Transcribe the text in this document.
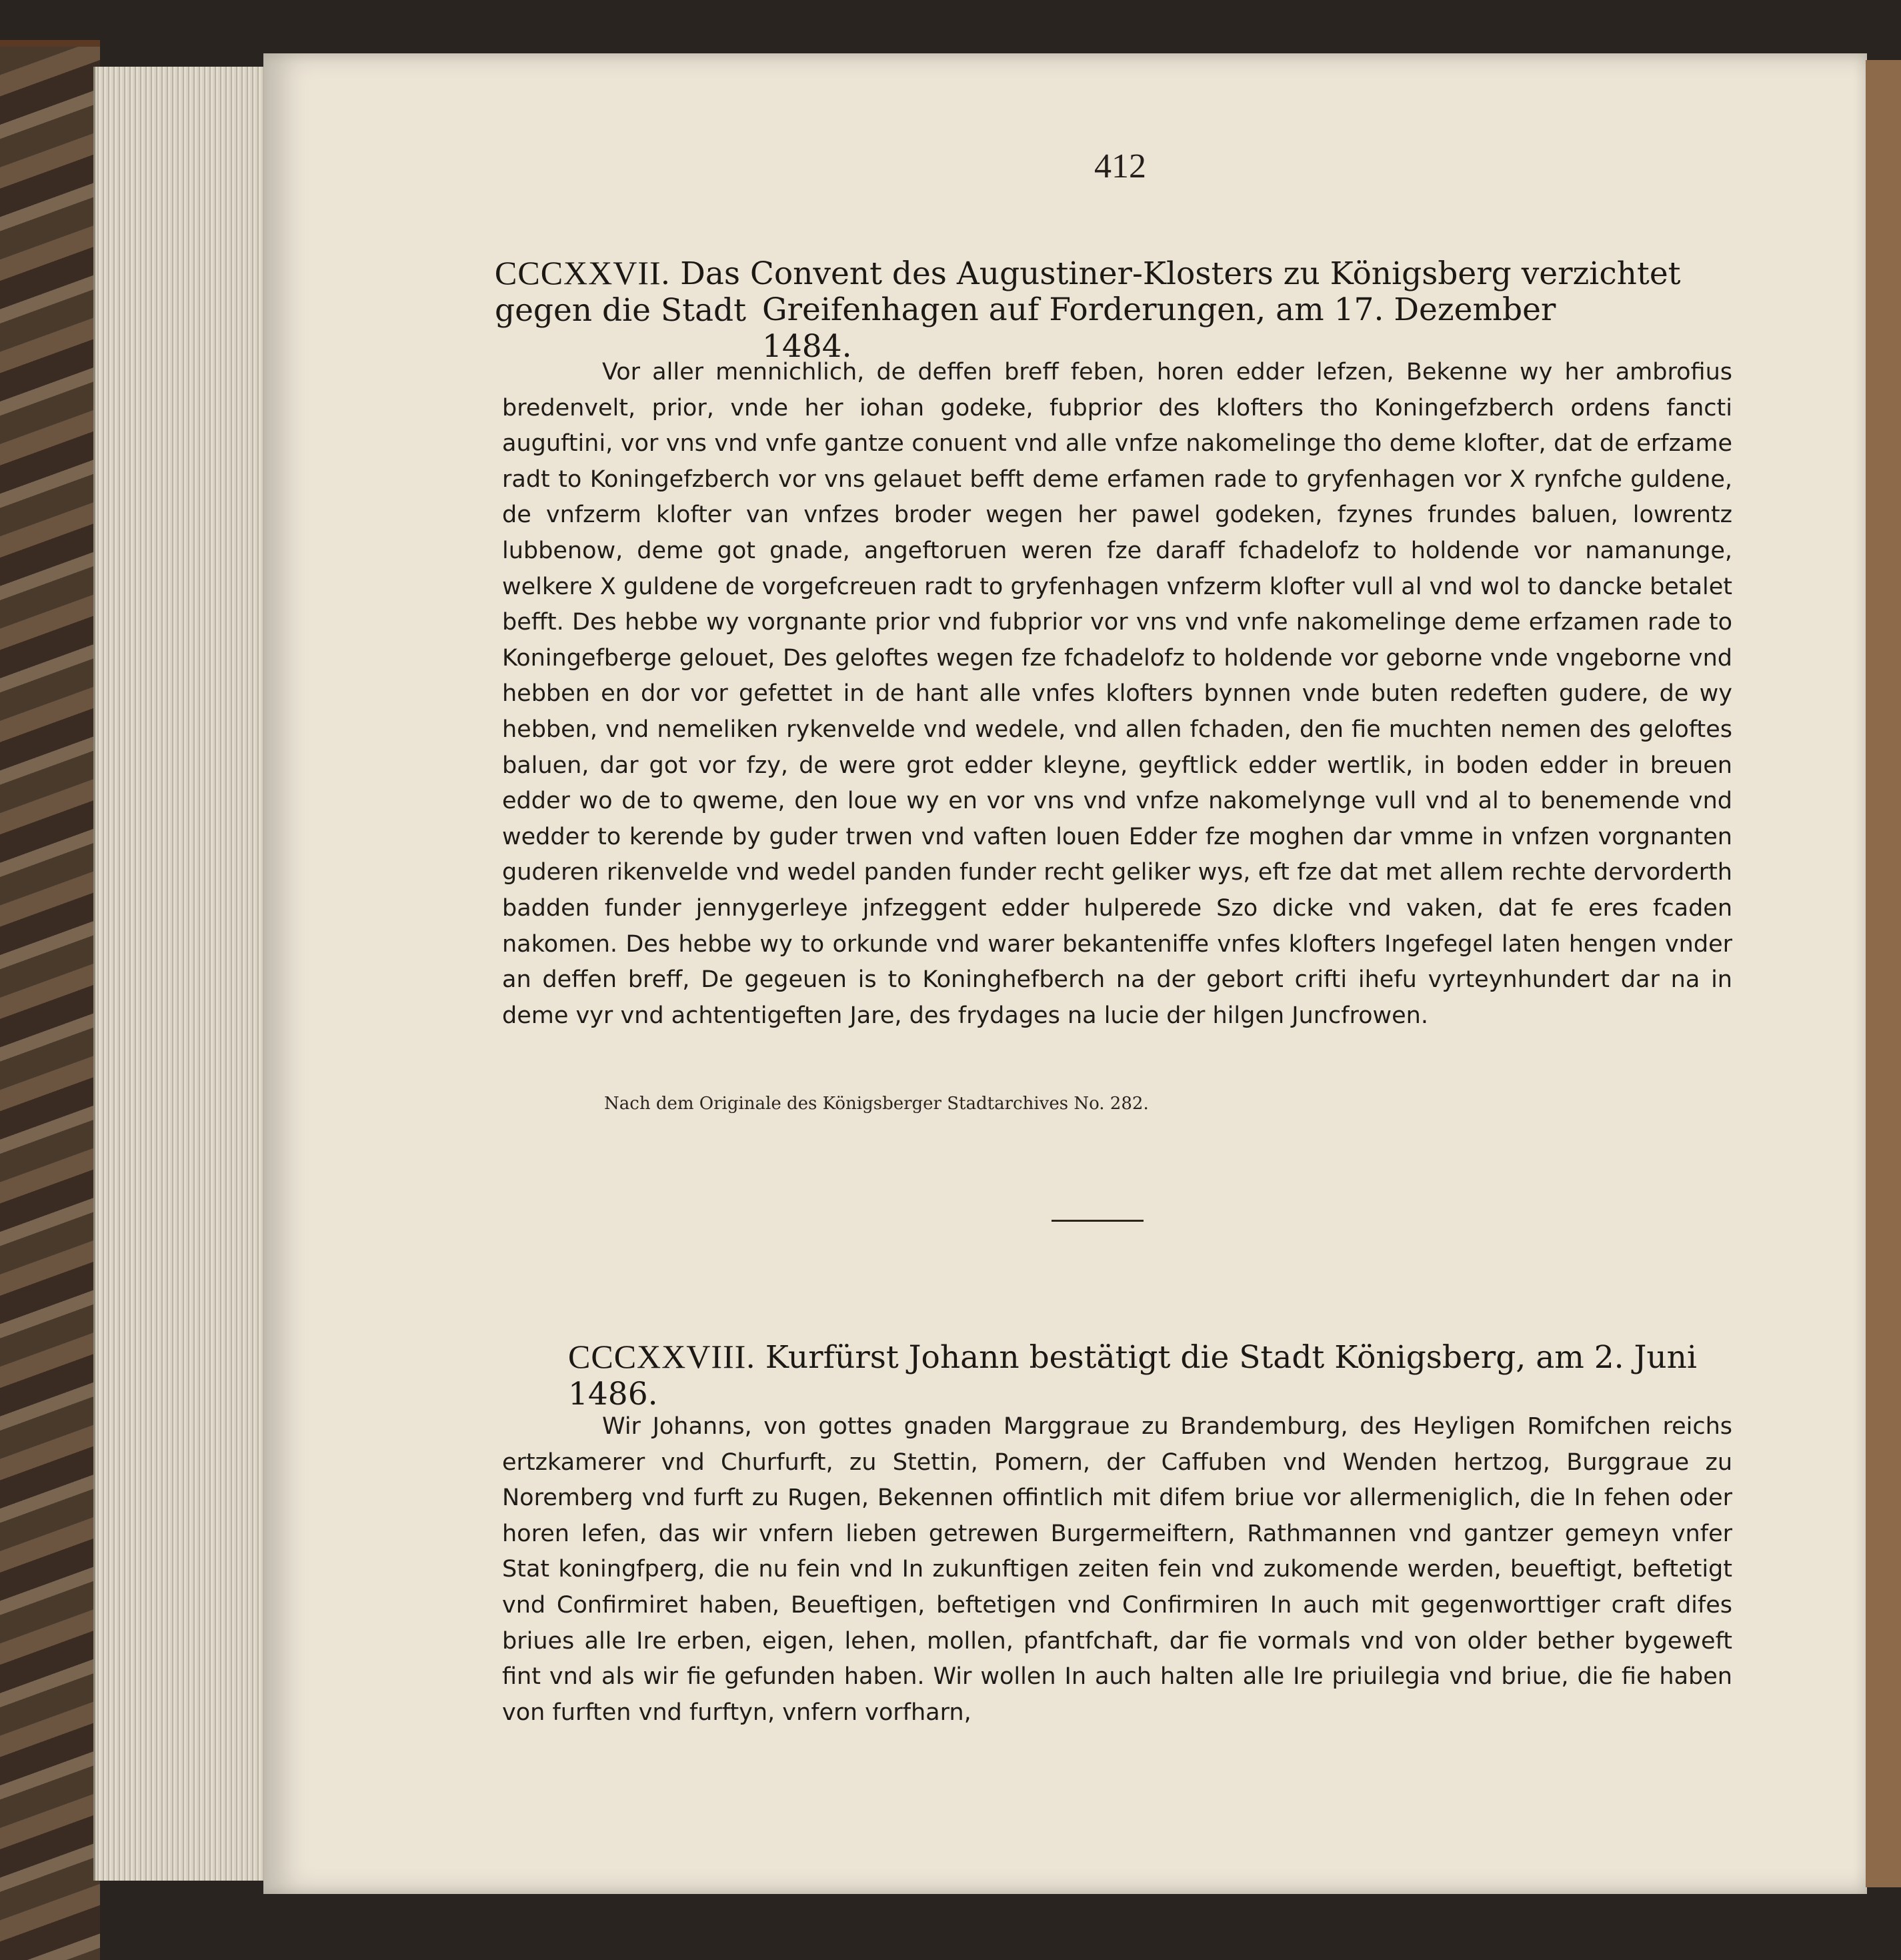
412
CCCXXVII. Das Convent des Augustiner-Klosters zu Königsberg verzichtet gegen die Stadt Greifenhagen auf Forderungen, am 17. Dezember 1484.

Vor aller mennichlich, de deffen breff feben, horen edder lefzen, Bekenne wy her ambrofius bredenvelt, prior, vnde her iohan godeke, fubprior des klofters tho Koningefzberch ordens fancti auguftini, vor vns vnd vnfe gantze conuent vnd alle vnfze nakomelinge tho deme klofter, dat de erfzame radt to Koningefzberch vor vns gelauet befft deme erfamen rade to gryfenhagen vor X rynfche guldene, de vnfzerm klofter van vnfzes broder wegen her pawel godeken, fzynes frundes baluen, lowrentz lubbenow, deme got gnade, angeftoruen weren fze daraff fchadelofz to holdende vor namanunge, welkere X guldene de vorgefcreuen radt to gryfenhagen vnfzerm klofter vull al vnd wol to dancke betalet befft. Des hebbe wy vorgnante prior vnd fubprior vor vns vnd vnfe nakomelinge deme erfzamen rade to Koningefberge gelouet, Des geloftes wegen fze fchadelofz to holdende vor geborne vnde vngeborne vnd hebben en dor vor gefettet in de hant alle vnfes klofters bynnen vnde buten redeften gudere, de wy hebben, vnd nemeliken rykenvelde vnd wedele, vnd allen fchaden, den fie muchten nemen des geloftes baluen, dar got vor fzy, de were grot edder kleyne, geyftlick edder wertlik, in boden edder in breuen edder wo de to qweme, den loue wy en vor vns vnd vnfze nakomelynge vull vnd al to benemende vnd wedder to kerende by guder trwen vnd vaften louen Edder fze moghen dar vmme in vnfzen vorgnanten guderen rikenvelde vnd wedel panden funder recht geliker wys, eft fze dat met allem rechte dervorderth badden funder jennygerleye jnfzeggent edder hulperede Szo dicke vnd vaken, dat fe eres fcaden nakomen. Des hebbe wy to orkunde vnd warer bekanteniffe vnfes klofters Ingefegel laten hengen vnder an deffen breff, De gegeuen is to Koninghefberch na der gebort crifti ihefu vyrteynhundert dar na in deme vyr vnd achtentigeften Jare, des frydages na lucie der hilgen Juncfrowen.

Nach dem Originale des Königsberger Stadtarchives No. 282.
CCCXXVIII. Kurfürst Johann bestätigt die Stadt Königsberg, am 2. Juni 1486.

Wir Johanns, von gottes gnaden Marggraue zu Brandemburg, des Heyligen Romifchen reichs ertzkamerer vnd Churfurft, zu Stettin, Pomern, der Caffuben vnd Wenden hertzog, Burggraue zu Noremberg vnd furft zu Rugen, Bekennen offintlich mit difem briue vor allermeniglich, die In fehen oder horen lefen, das wir vnfern lieben getrewen Burgermeiftern, Rathmannen vnd gantzer gemeyn vnfer Stat koningfperg, die nu fein vnd In zukunftigen zeiten fein vnd zukomende werden, beueftigt, beftetigt vnd Confirmiret haben, Beueftigen, beftetigen vnd Confirmiren In auch mit gegenworttiger craft difes briues alle Ire erben, eigen, lehen, mollen, pfantfchaft, dar fie vormals vnd von older bether bygeweft fint vnd als wir fie gefunden haben. Wir wollen In auch halten alle Ire priuilegia vnd briue, die fie haben von furften vnd furftyn, vnfern vorfharn,
